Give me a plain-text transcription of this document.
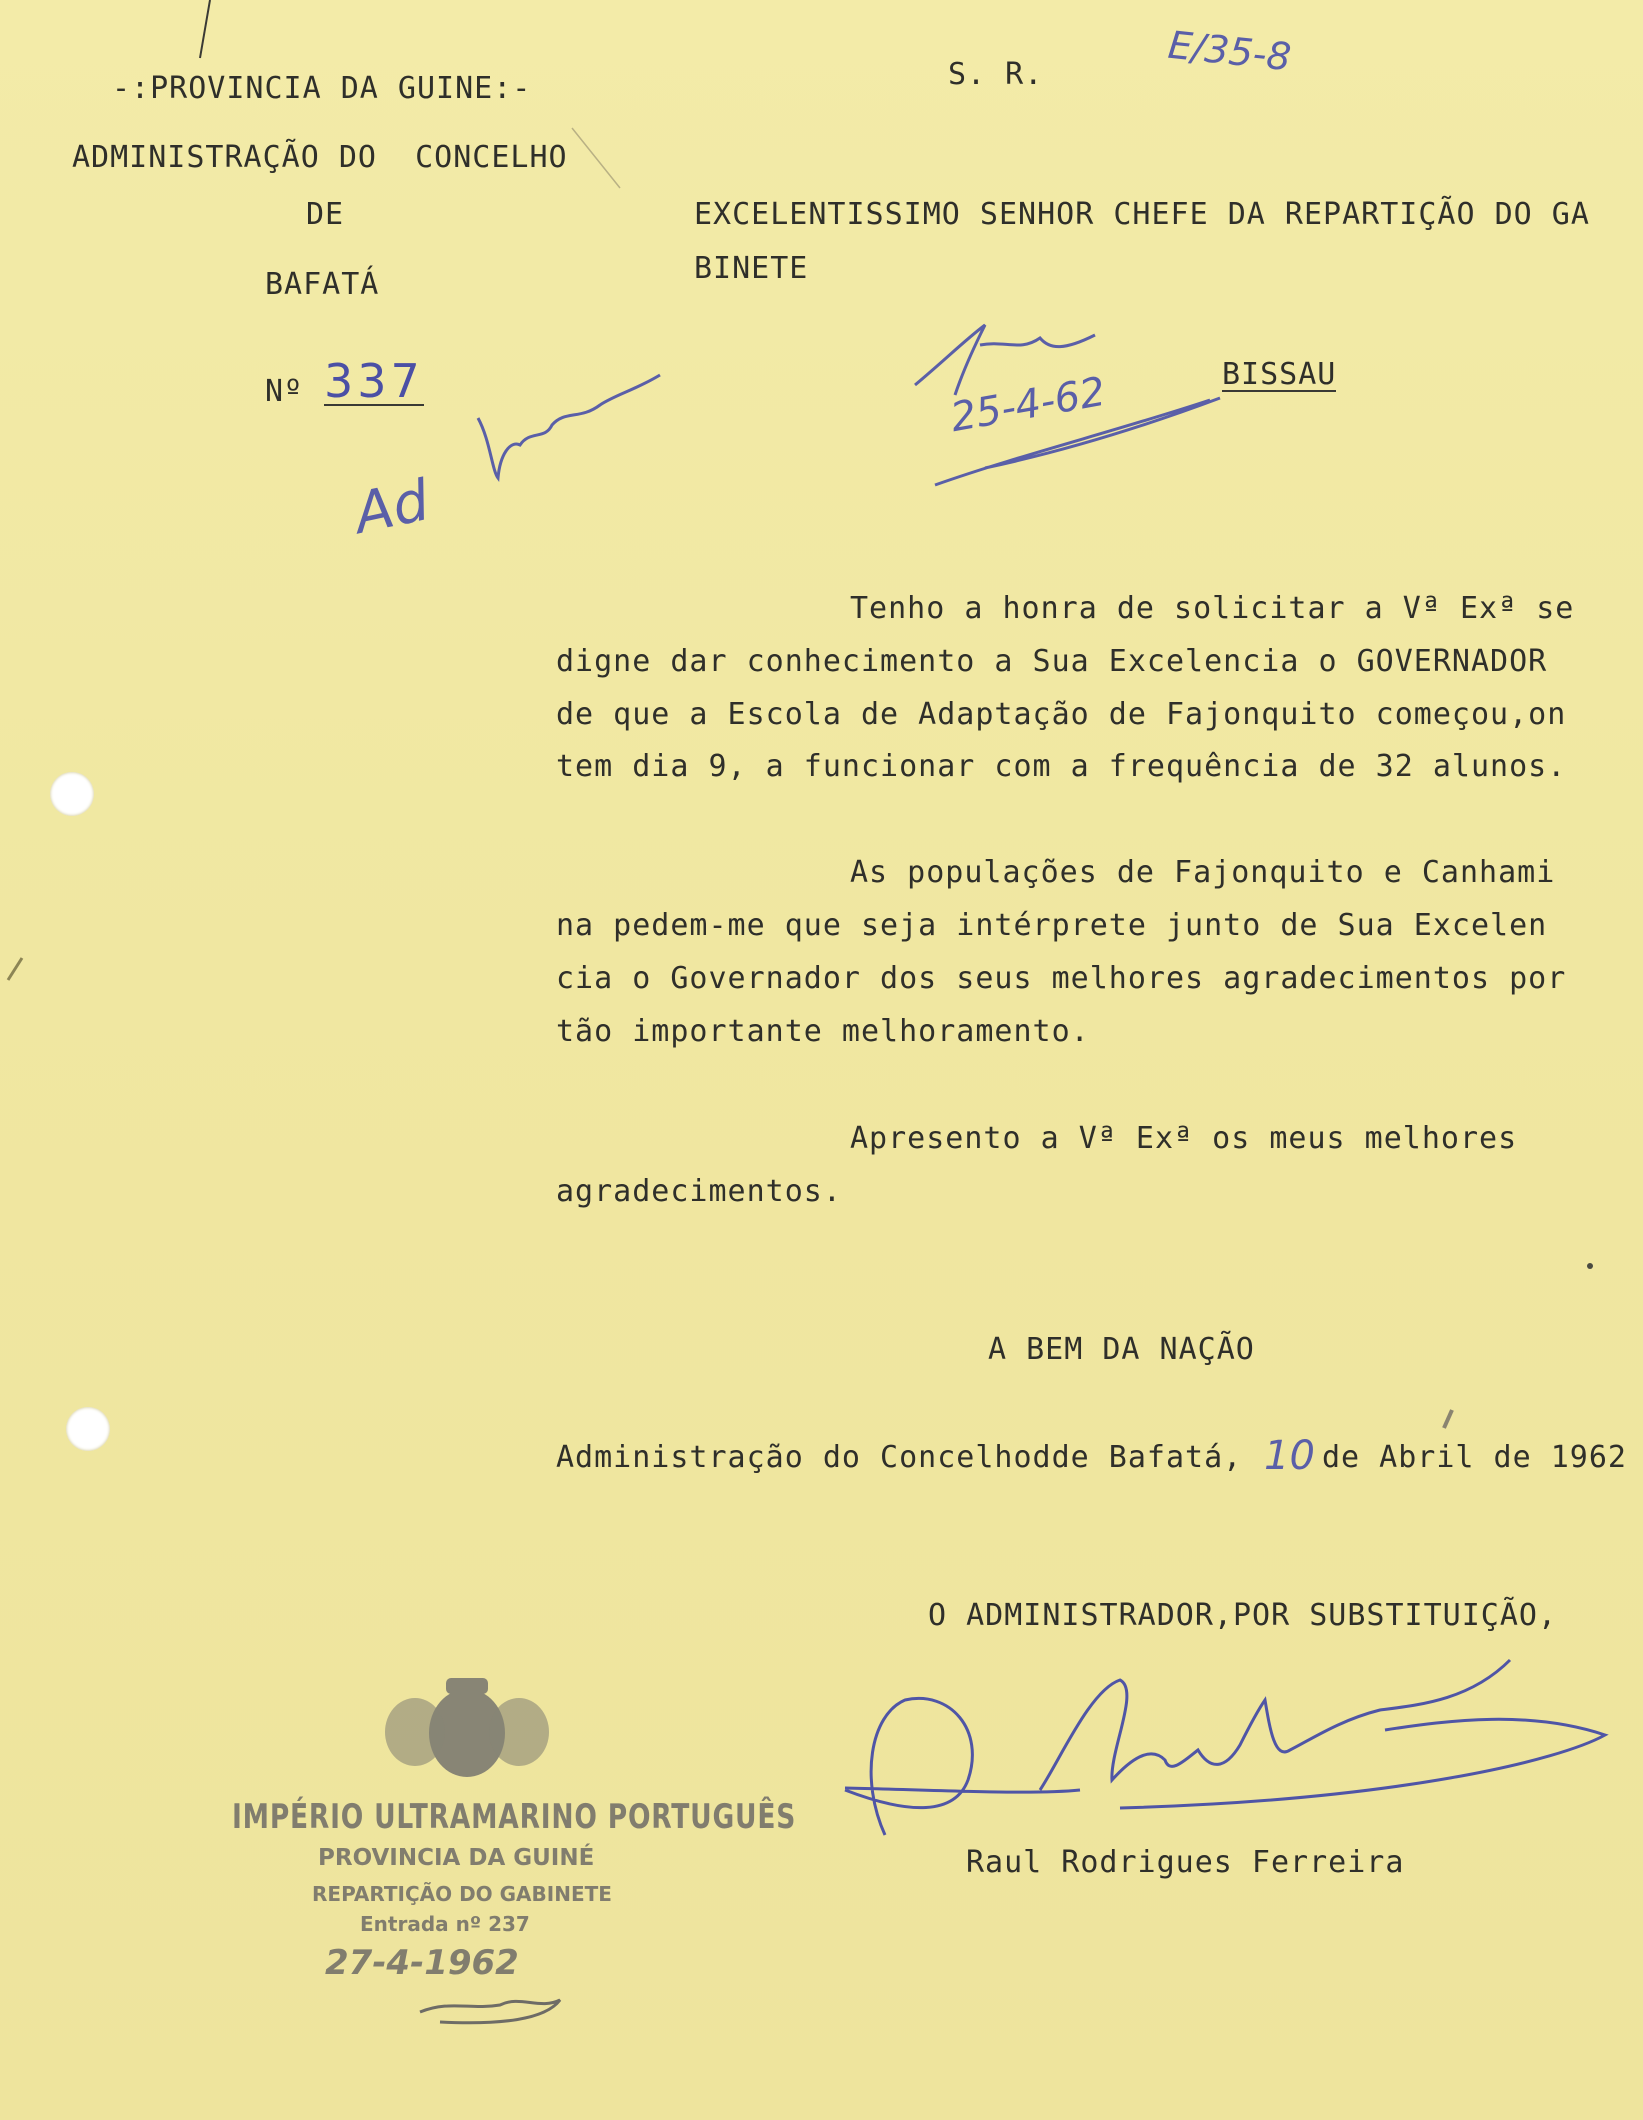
-:PROVINCIA DA GUINE:-
ADMINISTRAÇÃO DO  CONCELHO
DE
BAFATÁ
Nº 337
S. R.	E/35-8
EXCELENTISSIMO SENHOR CHEFE DA REPARTIÇÃO DO GA
BINETE
BISSAU
25-4-62
Ad
Tenho a honra de solicitar a Vª Exª se
digne dar conhecimento a Sua Excelencia o GOVERNADOR
de que a Escola de Adaptação de Fajonquito começou,on
tem dia 9, a funcionar com a frequência de 32 alunos.
As populações de Fajonquito e Canhami
na pedem-me que seja intérprete junto de Sua Excelen
cia o Governador dos seus melhores agradecimentos por
tão importante melhoramento.
Apresento a Vª Exª os meus melhores
agradecimentos.
A BEM DA NAÇÃO
Administração do Concelhodde Bafatá, 10 de Abril de 1962
O ADMINISTRADOR,POR SUBSTITUIÇÃO,
Raul Rodrigues Ferreira
IMPÉRIO ULTRAMARINO PORTUGUÊS
PROVINCIA DA GUINÉ
REPARTIÇÃO DO GABINETE
Entrada nº 237
27-4-1962
